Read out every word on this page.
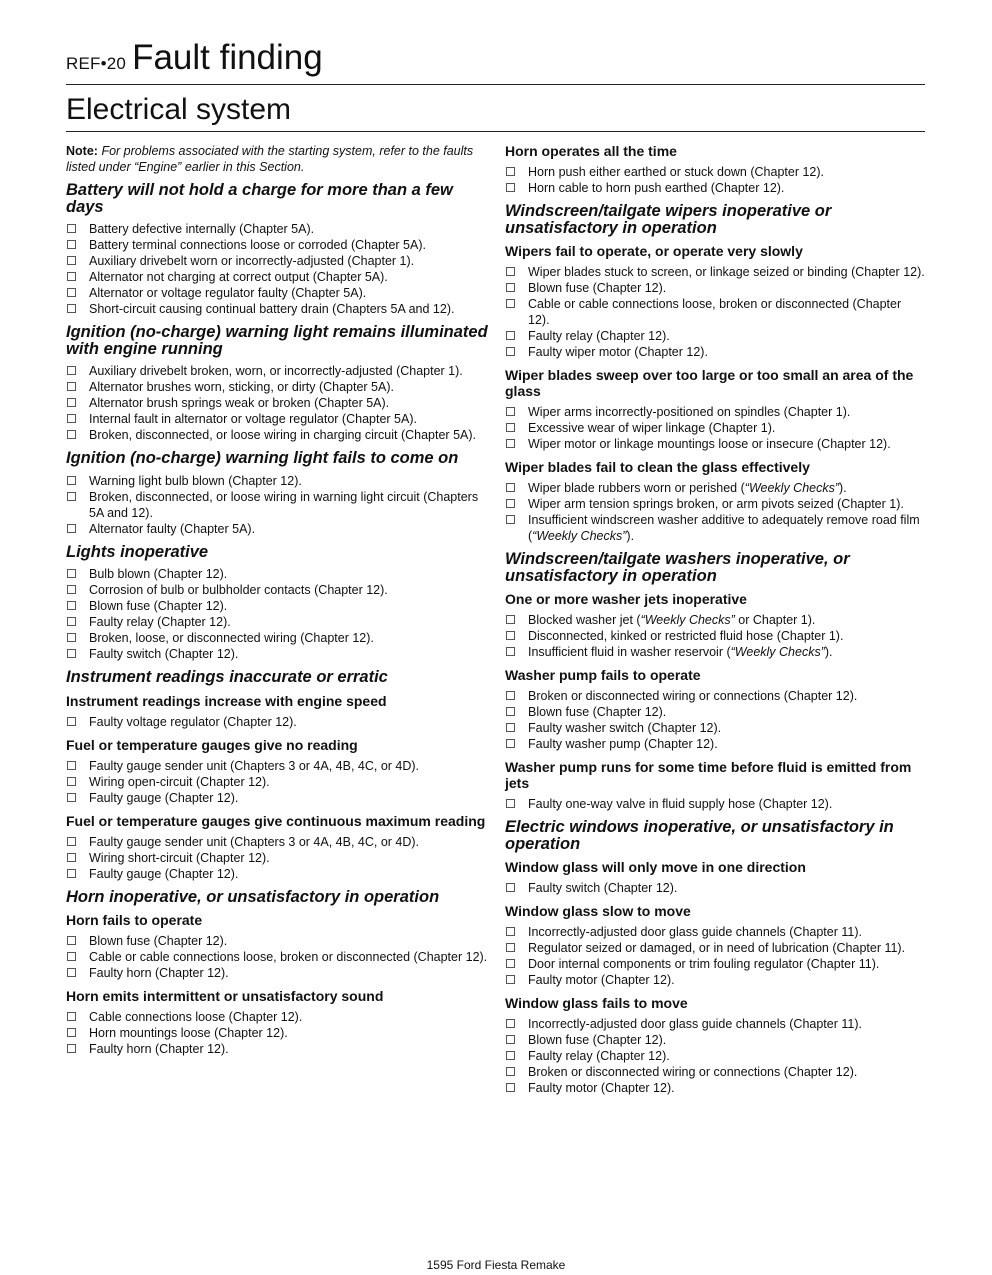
REF•20 Fault finding
Electrical system
Note: For problems associated with the starting system, refer to the faults listed under “Engine” earlier in this Section.
Battery will not hold a charge for more than a few days
Battery defective internally (Chapter 5A).
Battery terminal connections loose or corroded (Chapter 5A).
Auxiliary drivebelt worn or incorrectly-adjusted (Chapter 1).
Alternator not charging at correct output (Chapter 5A).
Alternator or voltage regulator faulty (Chapter 5A).
Short-circuit causing continual battery drain (Chapters 5A and 12).
Ignition (no-charge) warning light remains illuminated with engine running
Auxiliary drivebelt broken, worn, or incorrectly-adjusted (Chapter 1).
Alternator brushes worn, sticking, or dirty (Chapter 5A).
Alternator brush springs weak or broken (Chapter 5A).
Internal fault in alternator or voltage regulator (Chapter 5A).
Broken, disconnected, or loose wiring in charging circuit (Chapter 5A).
Ignition (no-charge) warning light fails to come on
Warning light bulb blown (Chapter 12).
Broken, disconnected, or loose wiring in warning light circuit (Chapters 5A and 12).
Alternator faulty (Chapter 5A).
Lights inoperative
Bulb blown (Chapter 12).
Corrosion of bulb or bulbholder contacts (Chapter 12).
Blown fuse (Chapter 12).
Faulty relay (Chapter 12).
Broken, loose, or disconnected wiring (Chapter 12).
Faulty switch (Chapter 12).
Instrument readings inaccurate or erratic
Instrument readings increase with engine speed
Faulty voltage regulator (Chapter 12).
Fuel or temperature gauges give no reading
Faulty gauge sender unit (Chapters 3 or 4A, 4B, 4C, or 4D).
Wiring open-circuit (Chapter 12).
Faulty gauge (Chapter 12).
Fuel or temperature gauges give continuous maximum reading
Faulty gauge sender unit (Chapters 3 or 4A, 4B, 4C, or 4D).
Wiring short-circuit (Chapter 12).
Faulty gauge (Chapter 12).
Horn inoperative, or unsatisfactory in operation
Horn fails to operate
Blown fuse (Chapter 12).
Cable or cable connections loose, broken or disconnected (Chapter 12).
Faulty horn (Chapter 12).
Horn emits intermittent or unsatisfactory sound
Cable connections loose (Chapter 12).
Horn mountings loose (Chapter 12).
Faulty horn (Chapter 12).
Horn operates all the time
Horn push either earthed or stuck down (Chapter 12).
Horn cable to horn push earthed (Chapter 12).
Windscreen/tailgate wipers inoperative or unsatisfactory in operation
Wipers fail to operate, or operate very slowly
Wiper blades stuck to screen, or linkage seized or binding (Chapter 12).
Blown fuse (Chapter 12).
Cable or cable connections loose, broken or disconnected (Chapter 12).
Faulty relay (Chapter 12).
Faulty wiper motor (Chapter 12).
Wiper blades sweep over too large or too small an area of the glass
Wiper arms incorrectly-positioned on spindles (Chapter 1).
Excessive wear of wiper linkage (Chapter 1).
Wiper motor or linkage mountings loose or insecure (Chapter 12).
Wiper blades fail to clean the glass effectively
Wiper blade rubbers worn or perished (“Weekly Checks”).
Wiper arm tension springs broken, or arm pivots seized (Chapter 1).
Insufficient windscreen washer additive to adequately remove road film (“Weekly Checks”).
Windscreen/tailgate washers inoperative, or unsatisfactory in operation
One or more washer jets inoperative
Blocked washer jet (“Weekly Checks” or Chapter 1).
Disconnected, kinked or restricted fluid hose (Chapter 1).
Insufficient fluid in washer reservoir (“Weekly Checks”).
Washer pump fails to operate
Broken or disconnected wiring or connections (Chapter 12).
Blown fuse (Chapter 12).
Faulty washer switch (Chapter 12).
Faulty washer pump (Chapter 12).
Washer pump runs for some time before fluid is emitted from jets
Faulty one-way valve in fluid supply hose (Chapter 12).
Electric windows inoperative, or unsatisfactory in operation
Window glass will only move in one direction
Faulty switch (Chapter 12).
Window glass slow to move
Incorrectly-adjusted door glass guide channels (Chapter 11).
Regulator seized or damaged, or in need of lubrication (Chapter 11).
Door internal components or trim fouling regulator (Chapter 11).
Faulty motor (Chapter 12).
Window glass fails to move
Incorrectly-adjusted door glass guide channels (Chapter 11).
Blown fuse (Chapter 12).
Faulty relay (Chapter 12).
Broken or disconnected wiring or connections (Chapter 12).
Faulty motor (Chapter 12).
1595 Ford Fiesta Remake
